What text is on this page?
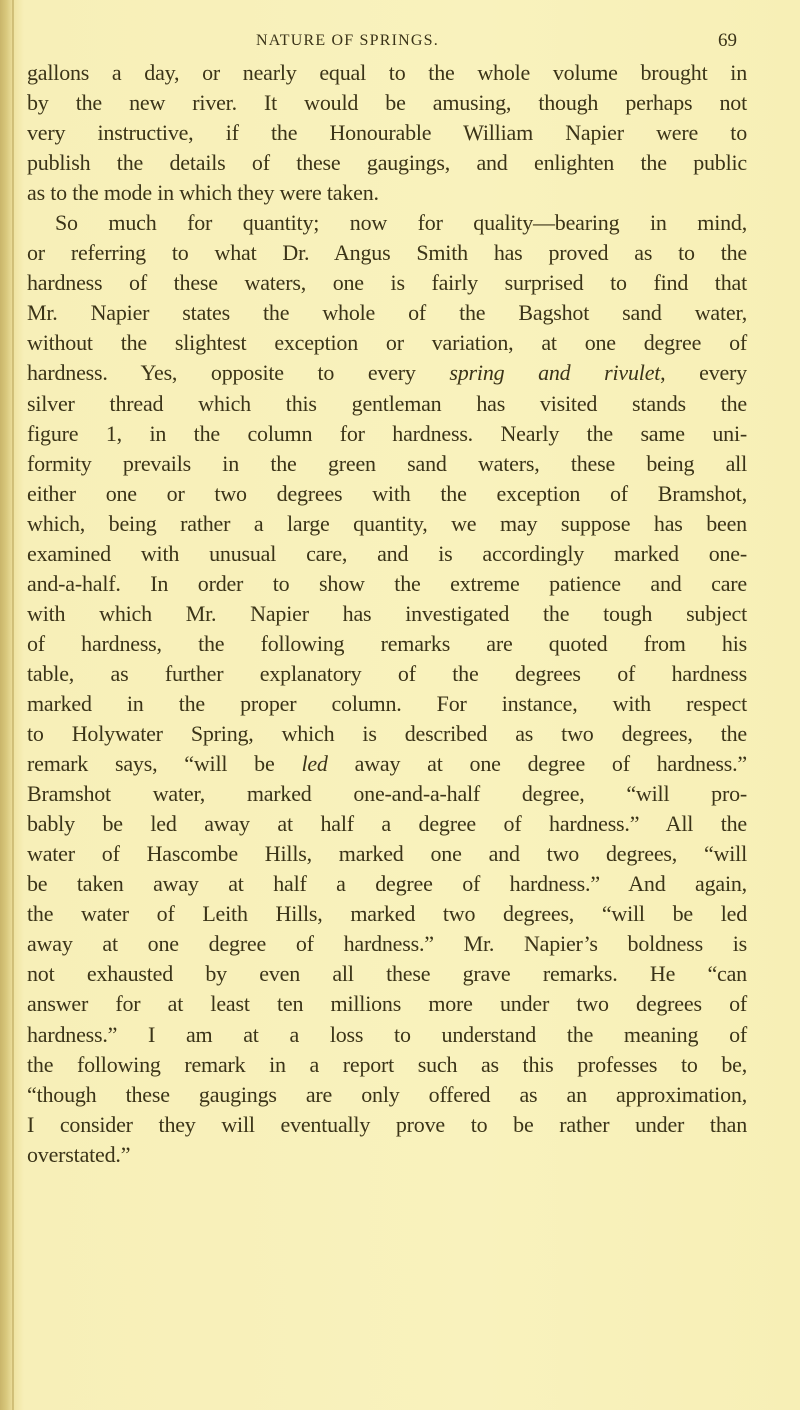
NATURE OF SPRINGS.	69
gallons a day, or nearly equal to the whole volume brought in
by the new river. It would be amusing, though perhaps not
very instructive, if the Honourable William Napier were to
publish the details of these gaugings, and enlighten the public
as to the mode in which they were taken.
So much for quantity; now for quality—bearing in mind,
or referring to what Dr. Angus Smith has proved as to the
hardness of these waters, one is fairly surprised to find that
Mr. Napier states the whole of the Bagshot sand water,
without the slightest exception or variation, at one degree of
hardness. Yes, opposite to every spring and rivulet, every
silver thread which this gentleman has visited stands the
figure 1, in the column for hardness. Nearly the same uni-
formity prevails in the green sand waters, these being all
either one or two degrees with the exception of Bramshot,
which, being rather a large quantity, we may suppose has been
examined with unusual care, and is accordingly marked one-
and-a-half. In order to show the extreme patience and care
with which Mr. Napier has investigated the tough subject
of hardness, the following remarks are quoted from his
table, as further explanatory of the degrees of hardness
marked in the proper column. For instance, with respect
to Holywater Spring, which is described as two degrees, the
remark says, “will be led away at one degree of hardness.”
Bramshot water, marked one-and-a-half degree, “will pro-
bably be led away at half a degree of hardness.” All the
water of Hascombe Hills, marked one and two degrees, “will
be taken away at half a degree of hardness.” And again,
the water of Leith Hills, marked two degrees, “will be led
away at one degree of hardness.” Mr. Napier’s boldness is
not exhausted by even all these grave remarks. He “can
answer for at least ten millions more under two degrees of
hardness.” I am at a loss to understand the meaning of
the following remark in a report such as this professes to be,
“though these gaugings are only offered as an approximation,
I consider they will eventually prove to be rather under than
overstated.”
